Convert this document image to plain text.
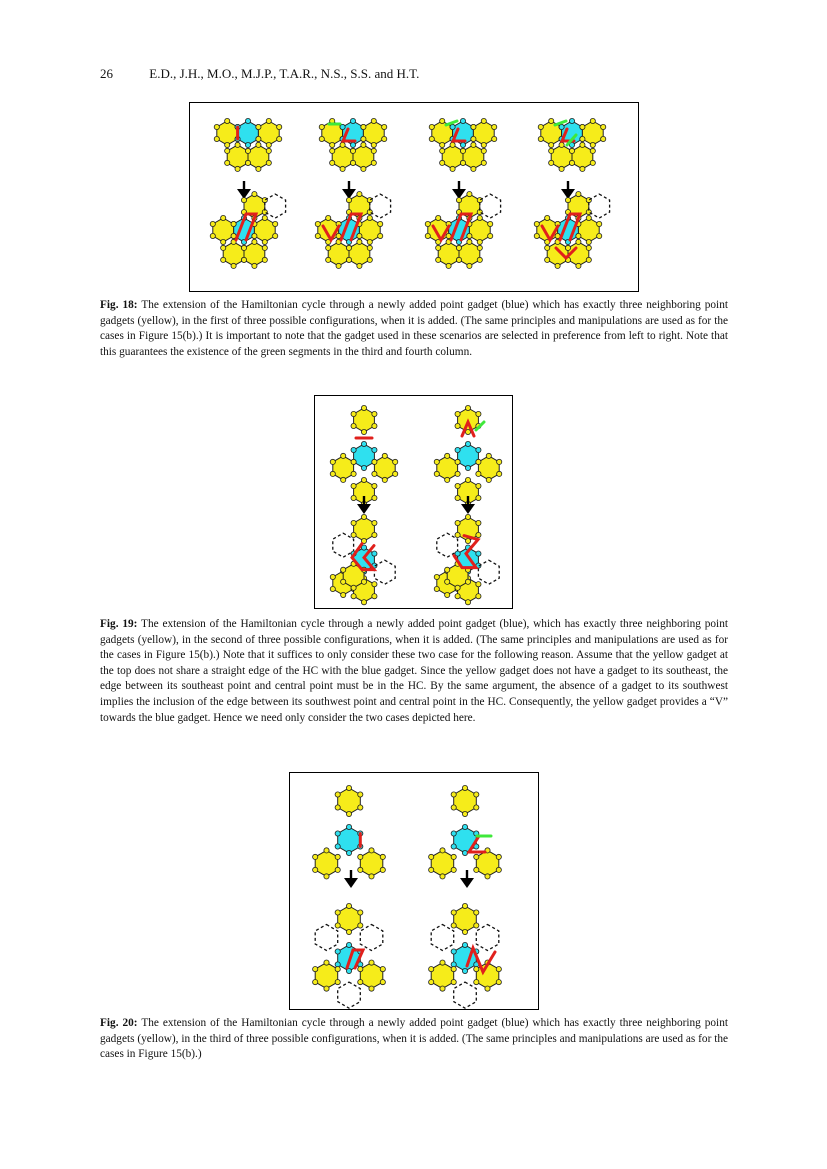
26	E.D., J.H., M.O., M.J.P., T.A.R., N.S., S.S. and H.T.
Fig. 18: The extension of the Hamiltonian cycle through a newly added point gadget (blue) which has exactly three neighboring point gadgets (yellow), in the first of three possible configurations, when it is added. (The same principles and manipulations are used as for the cases in Figure 15(b).) It is important to note that the gadget used in these scenarios are selected in preference from left to right. Note that this guarantees the existence of the green segments in the third and fourth column.
Fig. 19: The extension of the Hamiltonian cycle through a newly added point gadget (blue), which has exactly three neighboring point gadgets (yellow), in the second of three possible configurations, when it is added. (The same principles and manipulations are used as for the cases in Figure 15(b).) Note that it suffices to only consider these two case for the following reason. Assume that the yellow gadget at the top does not share a straight edge of the HC with the blue gadget. Since the yellow gadget does not have a gadget to its southeast, the edge between its southeast point and central point must be in the HC. By the same argument, the absence of a gadget to its southwest implies the inclusion of the edge between its southwest point and central point in the HC. Consequently, the yellow gadget provides a “V” towards the blue gadget. Hence we need only consider the two cases depicted here.
Fig. 20: The extension of the Hamiltonian cycle through a newly added point gadget (blue) which has exactly three neighboring point gadgets (yellow), in the third of three possible configurations, when it is added. (The same principles and manipulations are used as for the cases in Figure 15(b).)
